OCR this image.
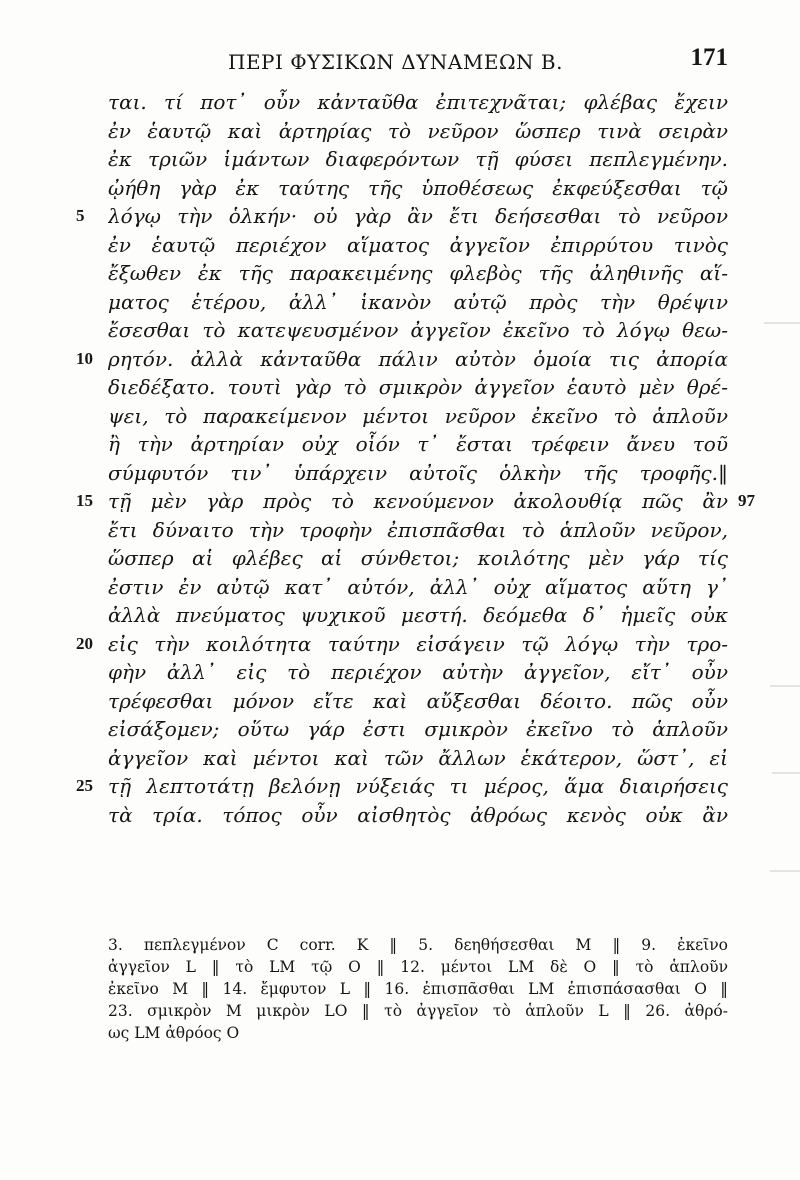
ΠΕΡΙ ΦΥΣΙΚΩΝ ΔΥΝΑΜΕΩΝ Β.	171
ται. τί ποτ᾽ οὖν κἀνταῦθα ἐπιτεχνᾶται; φλέβας ἔχειν
ἐν ἑαυτῷ καὶ ἀρτηρίας τὸ νεῦρον ὥσπερ τινὰ σειρὰν
ἐκ τριῶν ἱμάντων διαφερόντων τῇ φύσει πεπλεγμένην.
ᾠήθη γὰρ ἐκ ταύτης τῆς ὑποθέσεως ἐκφεύξεσθαι τῷ
5	λόγῳ τὴν ὁλκήν· οὐ γὰρ ἂν ἔτι δεήσεσθαι τὸ νεῦρον
ἐν ἑαυτῷ περιέχον αἵματος ἀγγεῖον ἐπιρρύτου τινὸς
ἔξωθεν ἐκ τῆς παρακειμένης φλεβὸς τῆς ἀληθινῆς αἵ-
ματος ἑτέρου, ἀλλ᾽ ἱκανὸν αὐτῷ πρὸς τὴν θρέψιν
ἔσεσθαι τὸ κατεψευσμένον ἀγγεῖον ἐκεῖνο τὸ λόγῳ θεω-
10 ρητόν. ἀλλὰ κἀνταῦθα πάλιν αὐτὸν ὁμοία τις ἀπορία
διεδέξατο. τουτὶ γὰρ τὸ σμικρὸν ἀγγεῖον ἑαυτὸ μὲν θρέ-
ψει, τὸ παρακείμενον μέντοι νεῦρον ἐκεῖνο τὸ ἁπλοῦν
ἢ τὴν ἀρτηρίαν οὐχ οἷόν τ᾽ ἔσται τρέφειν ἄνευ τοῦ
σύμφυτόν τιν᾽ ὑπάρχειν αὐτοῖς ὁλκὴν τῆς τροφῆς.‖
15 τῇ μὲν γὰρ πρὸς τὸ κενούμενον ἀκολουθίᾳ πῶς ἂν 97
ἔτι δύναιτο τὴν τροφὴν ἐπισπᾶσθαι τὸ ἁπλοῦν νεῦρον,
ὥσπερ αἱ φλέβες αἱ σύνθετοι; κοιλότης μὲν γάρ τίς
ἐστιν ἐν αὐτῷ κατ᾽ αὐτόν, ἀλλ᾽ οὐχ αἵματος αὕτη γ᾽
ἀλλὰ πνεύματος ψυχικοῦ μεστή. δεόμεθα δ᾽ ἡμεῖς οὐκ
20 εἰς τὴν κοιλότητα ταύτην εἰσάγειν τῷ λόγῳ τὴν τρο-
φὴν ἀλλ᾽ εἰς τὸ περιέχον αὐτὴν ἀγγεῖον, εἴτ᾽ οὖν
τρέφεσθαι μόνον εἴτε καὶ αὔξεσθαι δέοιτο. πῶς οὖν
εἰσάξομεν; οὕτω γάρ ἐστι σμικρὸν ἐκεῖνο τὸ ἁπλοῦν
ἀγγεῖον καὶ μέντοι καὶ τῶν ἄλλων ἑκάτερον, ὥστ᾽, εἰ
25 τῇ λεπτοτάτῃ βελόνῃ νύξειάς τι μέρος, ἅμα διαιρήσεις
τὰ τρία. τόπος οὖν αἰσθητὸς ἀθρόως κενὸς οὐκ ἂν
3. πεπλεγμένον C corr. K ‖ 5. δεηθήσεσθαι M ‖ 9. ἐκεῖνο
ἀγγεῖον L ‖ τὸ LM τῷ O ‖ 12. μέντοι LM δὲ O ‖ τὸ ἁπλοῦν
ἐκεῖνο M ‖ 14. ἔμφυτον L ‖ 16. ἐπισπᾶσθαι LM ἐπισπάσασθαι O ‖
23. σμικρὸν M μικρὸν LO ‖ τὸ ἀγγεῖον τὸ ἁπλοῦν L ‖ 26. ἀθρό-
ως LM ἀθρόος O
